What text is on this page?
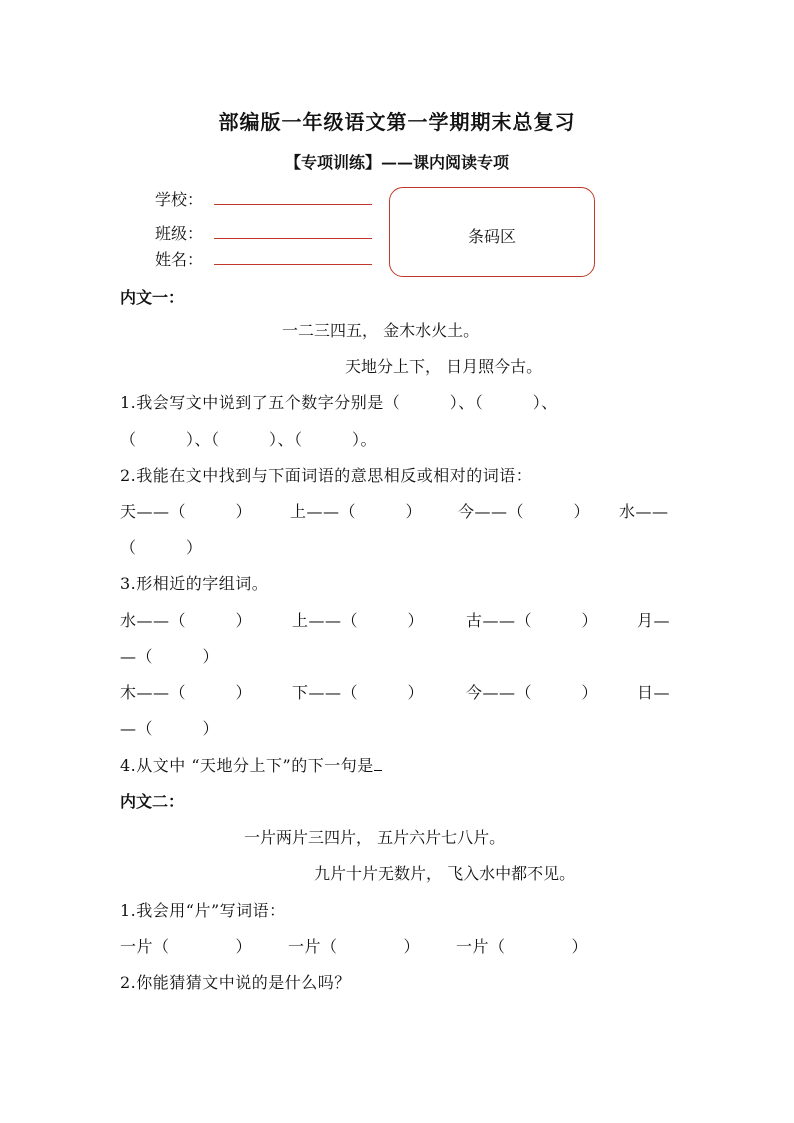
部编版一年级语文第一学期期末总复习
【专项训练】——课内阅读专项
学校：
班级：
姓名：
条码区
内文一：
一二三四五， 金木水火土。
天地分上下， 日月照今古。
1.我会写文中说到了五个数字分别是（　　　）、（　　　）、
（　　　）、（　　　）、（　　　）。
2.我能在文中找到与下面词语的意思相反或相对的词语：
天——（　　　） 上——（　　　） 今——（　　　） 水——
（　　　）
3.形相近的字组词。
水——（　　　） 上——（　　　）	古——（　　　） 月—
—（　　　）
木——（　　　） 下——（　　　）	今——（　　　） 日—
—（　　　）
4.从文中 “天地分上下”的下一句是
内文二：
一片两片三四片， 五片六片七八片。
九片十片无数片， 飞入水中都不见。
1.我会用“片”写词语：
一片（　　　　） 一片（　　　　） 一片（　　　　）
2.你能猜猜文中说的是什么吗？
